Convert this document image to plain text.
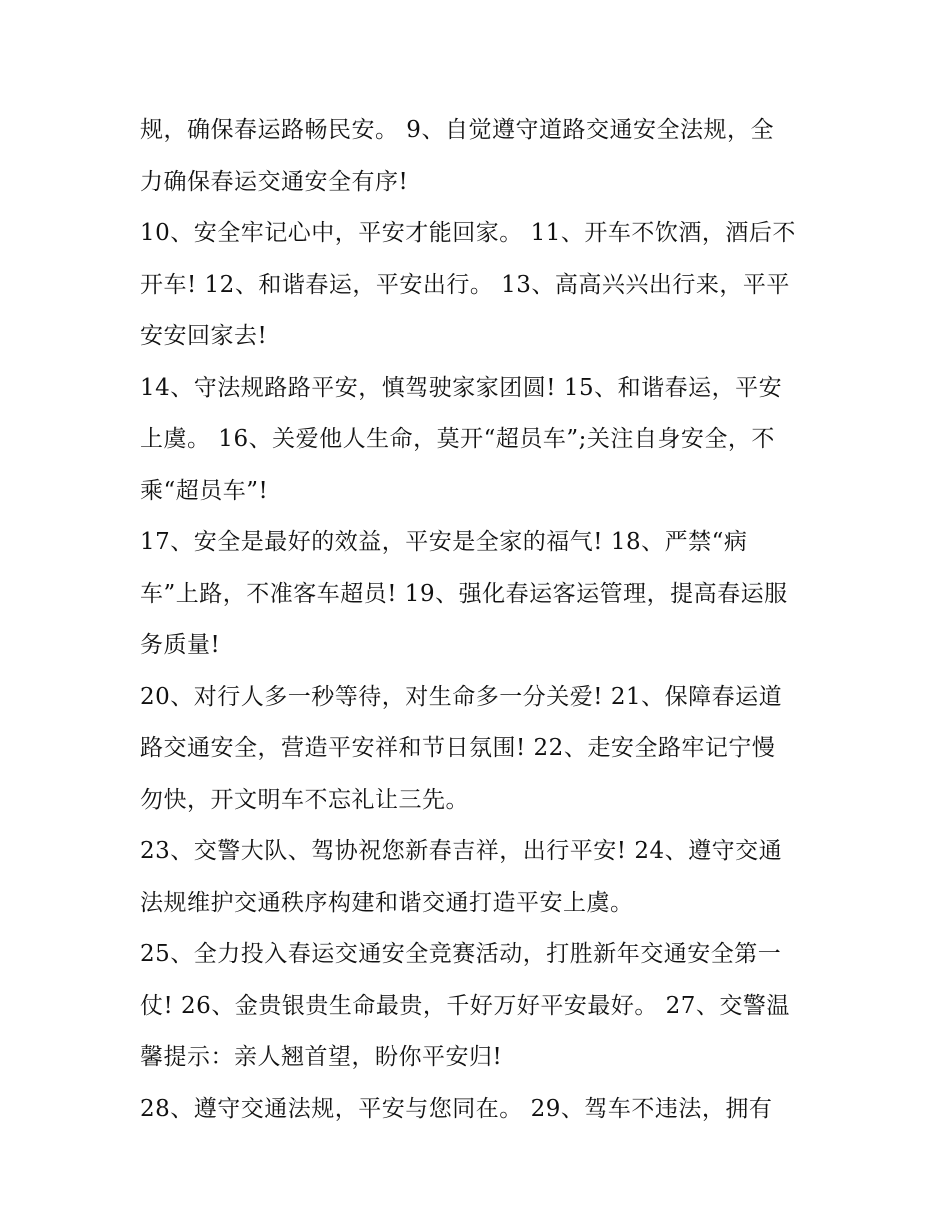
规，确保春运路畅民安。 9、自觉遵守道路交通安全法规，全
力确保春运交通安全有序!

10、安全牢记心中，平安才能回家。 11、开车不饮酒，酒后不
开车! 12、和谐春运，平安出行。 13、高高兴兴出行来，平平
安安回家去!

14、守法规路路平安，慎驾驶家家团圆! 15、和谐春运，平安
上虞。 16、关爱他人生命，莫开“超员车”;关注自身安全，不
乘“超员车”!

17、安全是最好的效益，平安是全家的福气! 18、严禁“病
车”上路，不准客车超员! 19、强化春运客运管理，提高春运服
务质量!

20、对行人多一秒等待，对生命多一分关爱! 21、保障春运道
路交通安全，营造平安祥和节日氛围! 22、走安全路牢记宁慢
勿快，开文明车不忘礼让三先。

23、交警大队、驾协祝您新春吉祥，出行平安! 24、遵守交通
法规维护交通秩序构建和谐交通打造平安上虞。

25、全力投入春运交通安全竞赛活动，打胜新年交通安全第一
仗! 26、金贵银贵生命最贵，千好万好平安最好。 27、交警温
馨提示：亲人翘首望，盼你平安归!

28、遵守交通法规，平安与您同在。 29、驾车不违法，拥有
